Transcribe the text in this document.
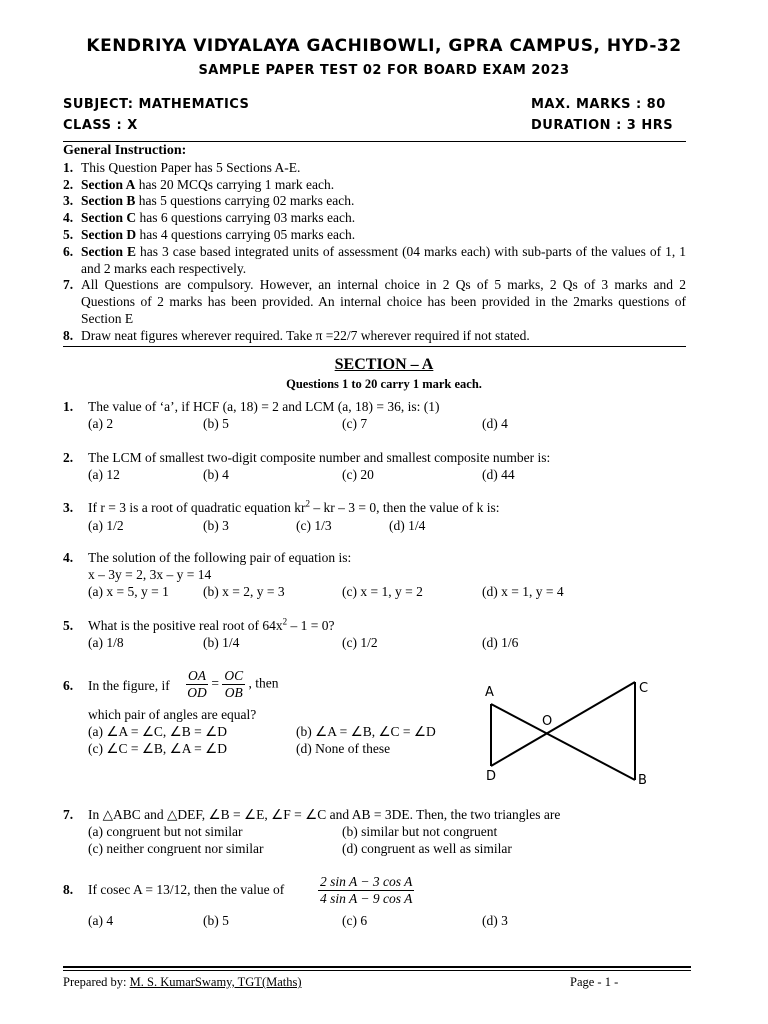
KENDRIYA VIDYALAYA GACHIBOWLI, GPRA CAMPUS, HYD-32
SAMPLE PAPER TEST 02 FOR BOARD EXAM 2023
SUBJECT: MATHEMATICS	MAX. MARKS : 80
CLASS : X	DURATION : 3 HRS
General Instruction:
1. This Question Paper has 5 Sections A-E.
2. Section A has 20 MCQs carrying 1 mark each.
3. Section B has 5 questions carrying 02 marks each.
4. Section C has 6 questions carrying 03 marks each.
5. Section D has 4 questions carrying 05 marks each.
6. Section E has 3 case based integrated units of assessment (04 marks each) with sub-parts of the values of 1, 1 and 2 marks each respectively.
7. All Questions are compulsory. However, an internal choice in 2 Qs of 5 marks, 2 Qs of 3 marks and 2 Questions of 2 marks has been provided. An internal choice has been provided in the 2marks questions of Section E
8. Draw neat figures wherever required. Take π =22/7 wherever required if not stated.
SECTION – A
Questions 1 to 20 carry 1 mark each.
1. The value of ‘a’, if HCF (a, 18) = 2 and LCM (a, 18) = 36, is: (1)
(a) 2	(b) 5	(c) 7	(d) 4
2. The LCM of smallest two-digit composite number and smallest composite number is:
(a) 12	(b) 4	(c) 20	(d) 44
3. If r = 3 is a root of quadratic equation $kr^2$ – kr – 3 = 0, then the value of k is:
(a) 1/2	(b) 3	(c) 1/3	(d) 1/4
4. The solution of the following pair of equation is:
x – 3y = 2, 3x – y = 14
(a) x = 5, y = 1	(b) x = 2, y = 3	(c) x = 1, y = 2	(d) x = 1, y = 4
5. What is the positive real root of $64x^2 - 1 = 0$?
(a) 1/8	(b) 1/4	(c) 1/2	(d) 1/6
6. In the figure, if $\frac{OA}{OD} = \frac{OC}{OB}$ , then
which pair of angles are equal?
(a) ∠A = ∠C, ∠B = ∠D	(b) ∠A = ∠B, ∠C = ∠D
(c) ∠C = ∠B, ∠A = ∠D	(d) None of these
A	C
O
D	B
7. In △ABC and △DEF, ∠B = ∠E, ∠F = ∠C and AB = 3DE. Then, the two triangles are
(a) congruent but not similar	(b) similar but not congruent
(c) neither congruent nor similar	(d) congruent as well as similar
8. If cosec A = 13/12, then the value of	$\frac{\text{2 sin A − 3 cos A}}{\text{4 sin A − 9 cos A}}$
(a) 4	(b) 5	(c) 6	(d) 3
Prepared by: M. S. KumarSwamy, TGT(Maths)	Page - 1 -
